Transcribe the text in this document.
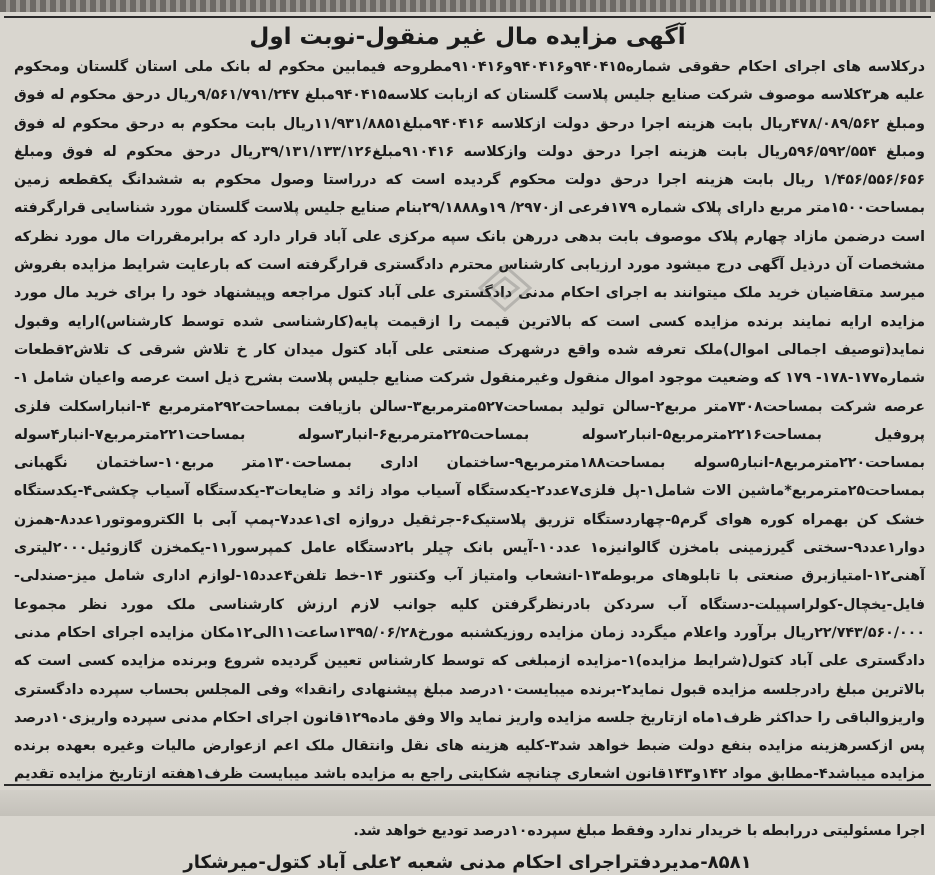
آگهی مزایده مال غیر منقول-نوبت اول

درکلاسه های اجرای احکام حقوقی شماره۹۴۰۴۱۵و۹۴۰۴۱۶و۹۱۰۴۱۶مطروحه فیمابین محکوم له بانک ملی استان گلستان ومحکوم علیه هر۳کلاسه موصوف شرکت صنایع جلیس پلاست گلستان که ازبابت کلاسه۹۴۰۴۱۵مبلغ ۹/۵۶۱/۷۹۱/۲۴۷ریال درحق محکوم له فوق ومبلغ ۴۷۸/۰۸۹/۵۶۲ریال بابت هزینه اجرا درحق دولت ازکلاسه ۹۴۰۴۱۶مبلغ۱۱/۹۳۱/۸۸۵۱ریال بابت محکوم به درحق محکوم له فوق ومبلغ ۵۹۶/۵۹۲/۵۵۴ریال بابت هزینه اجرا درحق دولت وازکلاسه ۹۱۰۴۱۶مبلغ۳۹/۱۳۱/۱۳۳/۱۲۶ریال درحق محکوم له فوق ومبلغ ۱/۴۵۶/۵۵۶/۶۵۶ ریال بابت هزینه اجرا درحق دولت محکوم گردیده است که درراستا وصول محکوم به ششدانگ یکقطعه زمین بمساحت۱۵۰۰متر مربع دارای پلاک شماره ۱۷۹فرعی از۲۹۷۰/ ۱۹و۲۹/۱۸۸۸بنام صنایع جلیس پلاست گلستان مورد شناسایی قرارگرفته است درضمن مازاد چهارم پلاک موصوف بابت بدهی دررهن بانک سپه مرکزی علی آباد قرار دارد که برابرمقررات مال مورد نظرکه مشخصات آن درذیل آگهی درج میشود مورد ارزیابی کارشناس محترم دادگستری قرارگرفته است که بارعایت شرایط مزایده بفروش میرسد متقاضیان خرید ملک میتوانند به اجرای احکام مدنی دادگستری علی آباد کتول مراجعه وپیشنهاد خود را برای خرید مال مورد مزایده ارایه نمایند برنده مزایده کسی است که بالاترین قیمت را ازقیمت پایه(کارشناسی شده توسط کارشناس)ارایه وقبول نماید(توصیف اجمالی اموال)ملک تعرفه شده واقع درشهرک صنعتی علی آباد کتول میدان کار خ تلاش شرقی ک تلاش۲قطعات شماره۱۷۷-۱۷۸- ۱۷۹ که وضعیت موجود اموال منقول وغیرمنقول شرکت صنایع جلیس پلاست بشرح ذیل است عرصه واعیان شامل ۱-عرصه شرکت بمساحت۷۳۰۸متر مربع۲-سالن تولید بمساحت۵۲۷مترمربع۳-سالن بازیافت بمساحت۲۹۲مترمربع ۴-انباراسکلت فلزی پروفیل بمساحت۲۲۱۶مترمربع۵-انبار۲سوله بمساحت۲۲۵مترمربع۶-انبار۳سوله بمساحت۲۲۱مترمربع۷-انبار۴سوله بمساحت۲۲۰مترمربع۸-انبار۵سوله بمساحت۱۸۸مترمربع۹-ساختمان اداری بمساحت۱۳۰متر مربع۱۰-ساختمان نگهبانی بمساحت۲۵مترمربع*ماشین الات شامل۱-پل فلزی۷عدد۲-یکدستگاه آسیاب مواد زائد و ضایعات۳-یکدستگاه آسیاب چکشی۴-یکدستگاه خشک کن بهمراه کوره هوای گرم۵-چهاردستگاه تزریق پلاستیک۶-جرثقیل دروازه ای۱عدد۷-پمپ آبی با الکتروموتور۱عدد۸-همزن دوار۱عدد۹-سختی گیرزمینی بامخزن گالوانیزه۱ عدد۱۰-آیس بانک چیلر با۲دستگاه عامل کمپرسور۱۱-یکمخزن گازوئیل۲۰۰۰لیتری آهنی۱۲-امتیازبرق صنعتی با تابلوهای مربوطه۱۳-انشعاب وامتیاز آب وکنتور ۱۴-خط تلفن۴عدد۱۵-لوازم اداری شامل میز-صندلی-فایل-یخچال-کولراسپیلت-دستگاه آب سردکن بادرنظرگرفتن کلیه جوانب لازم ارزش کارشناسی ملک مورد نظر مجموعا ۲۲/۷۴۳/۵۶۰/۰۰۰ریال برآورد واعلام میگردد زمان مزایده روزیکشنبه مورخ۱۳۹۵/۰۶/۲۸ساعت۱۱الی۱۲مکان مزایده اجرای احکام مدنی دادگستری علی آباد کتول(شرایط مزایده)۱-مزایده ازمبلغی که توسط کارشناس تعیین گردیده شروع وبرنده مزایده کسی است که بالاترین مبلغ رادرجلسه مزایده قبول نماید۲-برنده میبایست۱۰درصد مبلغ پیشنهادی رانقدا» وفی المجلس بحساب سپرده دادگستری واریزوالباقی را حداکثر ظرف۱ماه ازتاریخ جلسه مزایده واریز نماید والا وفق ماده۱۲۹قانون اجرای احکام مدنی سپرده واریزی۱۰درصد پس ازکسرهزینه مزایده بنفع دولت ضبط خواهد شد۳-کلیه هزینه های نقل وانتقال ملک اعم ازعوارض مالیات وغیره بعهده برنده مزایده میباشد۴-مطابق مواد ۱۴۲و۱۴۳قانون اشعاری چنانچه شکایتی راجع به مزایده باشد میبایست ظرف۱هفته ازتاریخ مزایده تقدیم اجرا مسئولیتی دررابطه با خریدار ندارد وفقط مبلغ سپرده۱۰درصد تودیع خواهد شد.

۸۵۸۱-مدیردفتراجرای احکام مدنی شعبه ۲علی آباد کتول-میرشکار
